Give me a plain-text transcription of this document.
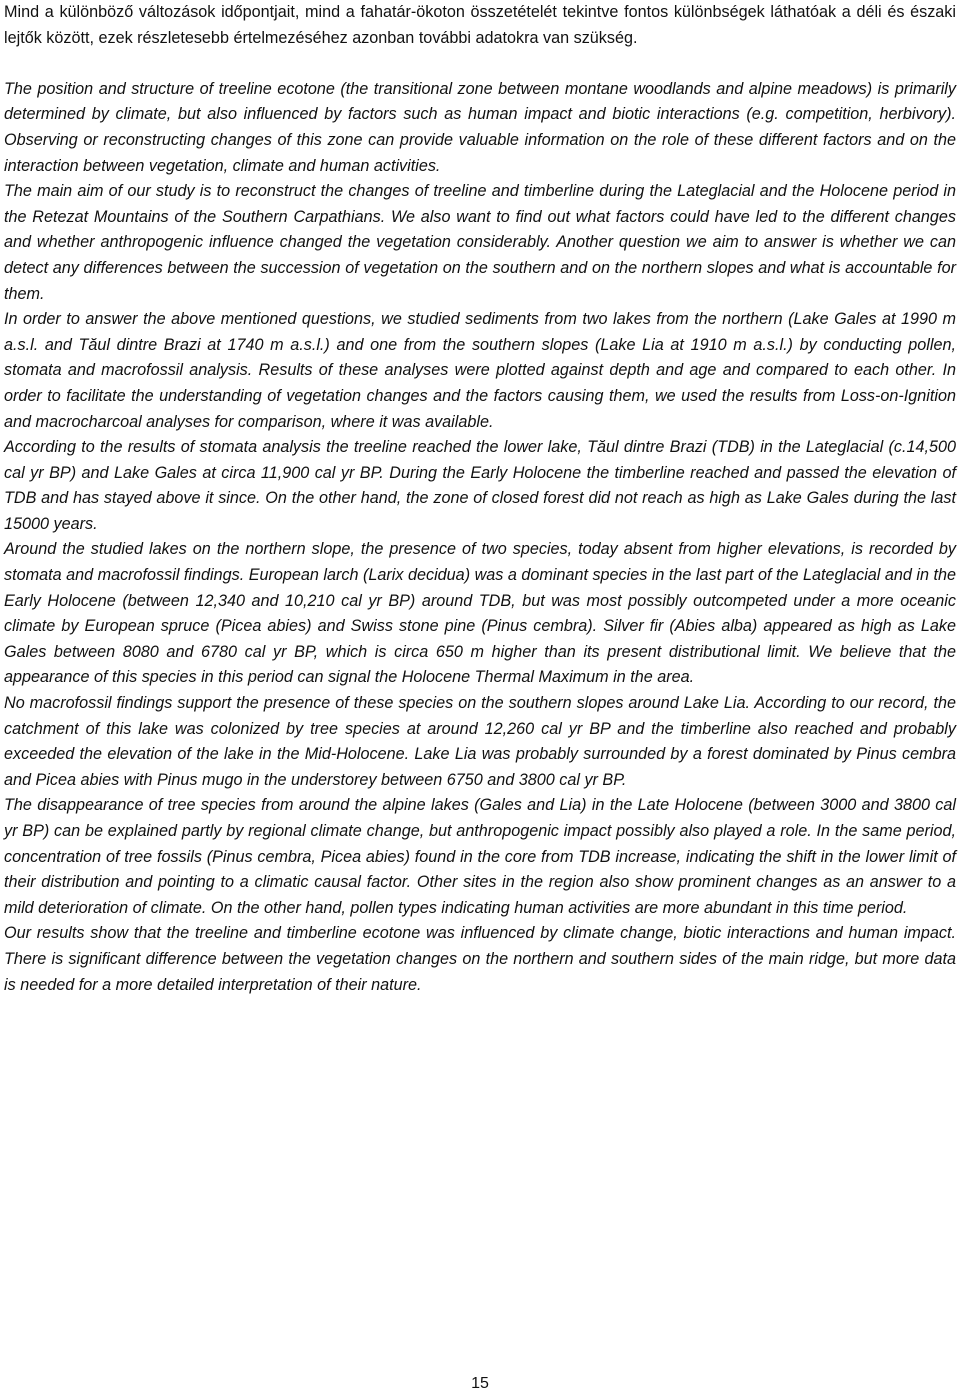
Mind a különböző változások időpontjait, mind a fahatár-ökoton összetételét tekintve fontos különbségek láthatóak a déli és északi lejtők között, ezek részletesebb értelmezéséhez azonban további adatokra van szükség.

The position and structure of treeline ecotone (the transitional zone between montane woodlands and alpine meadows) is primarily determined by climate, but also influenced by factors such as human impact and biotic interactions (e.g. competition, herbivory). Observing or reconstructing changes of this zone can provide valuable information on the role of these different factors and on the interaction between vegetation, climate and human activities.

The main aim of our study is to reconstruct the changes of treeline and timberline during the Lateglacial and the Holocene period in the Retezat Mountains of the Southern Carpathians. We also want to find out what factors could have led to the different changes and whether anthropogenic influence changed the vegetation considerably. Another question we aim to answer is whether we can detect any differences between the succession of vegetation on the southern and on the northern slopes and what is accountable for them.

In order to answer the above mentioned questions, we studied sediments from two lakes from the northern (Lake Gales at 1990 m a.s.l. and Tăul dintre Brazi at 1740 m a.s.l.) and one from the southern slopes (Lake Lia at 1910 m a.s.l.) by conducting pollen, stomata and macrofossil analysis. Results of these analyses were plotted against depth and age and compared to each other. In order to facilitate the understanding of vegetation changes and the factors causing them, we used the results from Loss-on-Ignition and macrocharcoal analyses for comparison, where it was available.

According to the results of stomata analysis the treeline reached the lower lake, Tăul dintre Brazi (TDB) in the Lateglacial (c.14,500 cal yr BP) and Lake Gales at circa 11,900 cal yr BP. During the Early Holocene the timberline reached and passed the elevation of TDB and has stayed above it since. On the other hand, the zone of closed forest did not reach as high as Lake Gales during the last 15000 years.

Around the studied lakes on the northern slope, the presence of two species, today absent from higher elevations, is recorded by stomata and macrofossil findings. European larch (Larix decidua) was a dominant species in the last part of the Lateglacial and in the Early Holocene (between 12,340 and 10,210 cal yr BP) around TDB, but was most possibly outcompeted under a more oceanic climate by European spruce (Picea abies) and Swiss stone pine (Pinus cembra). Silver fir (Abies alba) appeared as high as Lake Gales between 8080 and 6780 cal yr BP, which is circa 650 m higher than its present distributional limit. We believe that the appearance of this species in this period can signal the Holocene Thermal Maximum in the area.

No macrofossil findings support the presence of these species on the southern slopes around Lake Lia. According to our record, the catchment of this lake was colonized by tree species at around 12,260 cal yr BP and the timberline also reached and probably exceeded the elevation of the lake in the Mid-Holocene. Lake Lia was probably surrounded by a forest dominated by Pinus cembra and Picea abies with Pinus mugo in the understorey between 6750 and 3800 cal yr BP.

The disappearance of tree species from around the alpine lakes (Gales and Lia) in the Late Holocene (between 3000 and 3800 cal yr BP) can be explained partly by regional climate change, but anthropogenic impact possibly also played a role. In the same period, concentration of tree fossils (Pinus cembra, Picea abies) found in the core from TDB increase, indicating the shift in the lower limit of their distribution and pointing to a climatic causal factor. Other sites in the region also show prominent changes as an answer to a mild deterioration of climate. On the other hand, pollen types indicating human activities are more abundant in this time period.

Our results show that the treeline and timberline ecotone was influenced by climate change, biotic interactions and human impact. There is significant difference between the vegetation changes on the northern and southern sides of the main ridge, but more data is needed for a more detailed interpretation of their nature.

15
